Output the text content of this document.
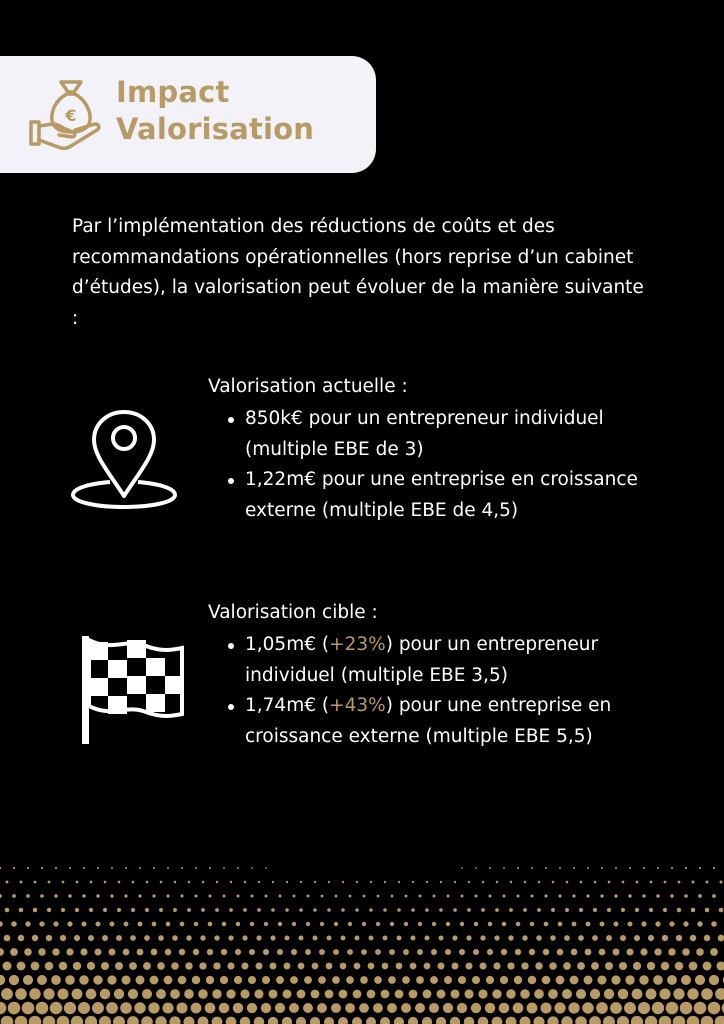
€
Impact
Valorisation

Par l’implémentation des réductions de coûts et des recommandations opérationnelles (hors reprise d’un cabinet d’études), la valorisation peut évoluer de la manière suivante :

Valorisation actuelle :

850k€ pour un entrepreneur individuel (multiple EBE de 3)
1,22m€ pour une entreprise en croissance externe (multiple EBE de 4,5)

Valorisation cible :

1,05m€ (+23%) pour un entrepreneur individuel (multiple EBE 3,5)
1,74m€ (+43%) pour une entreprise en croissance externe (multiple EBE 5,5)
